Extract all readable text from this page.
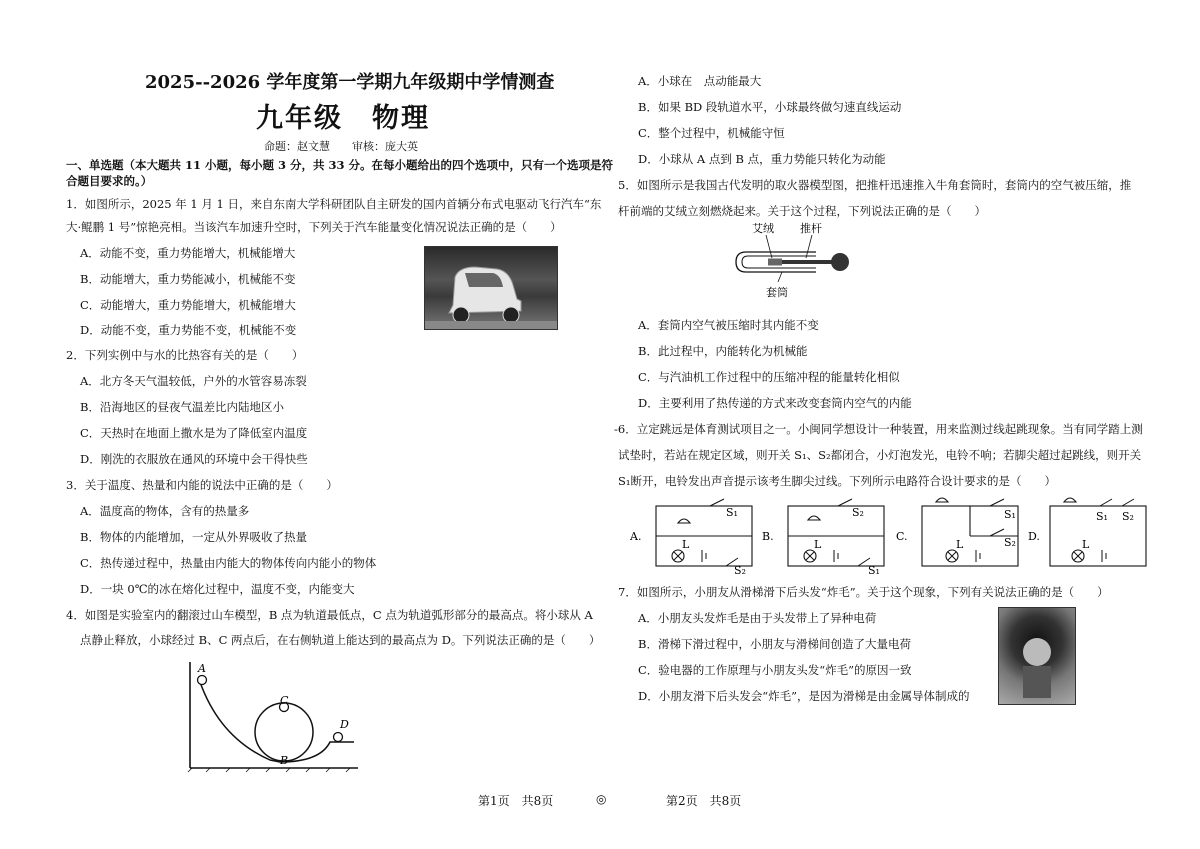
2025--2026 学年度第一学期九年级期中学情测查
九年级　物理
命题：赵文慧　　审核：庞大英
一、单选题（本大题共 11 小题，每小题 3 分，共 33 分。在每小题给出的四个选项中，只有一个选项是符
合题目要求的。）
1．如图所示，2025 年 1 月 1 日，来自东南大学科研团队自主研发的国内首辆分布式电驱动飞行汽车“东
大·鲲鹏 1 号”惊艳亮相。当该汽车加速升空时，下列关于汽车能量变化情况说法正确的是（　　）
A．动能不变，重力势能增大，机械能增大
B．动能增大，重力势能减小，机械能不变
C．动能增大，重力势能增大，机械能增大
D．动能不变，重力势能不变，机械能不变
2．下列实例中与水的比热容有关的是（　　）
A．北方冬天气温较低，户外的水管容易冻裂
B．沿海地区的昼夜气温差比内陆地区小
C．天热时在地面上撒水是为了降低室内温度
D．刚洗的衣服放在通风的环境中会干得快些
3．关于温度、热量和内能的说法中正确的是（　　）
A．温度高的物体，含有的热量多
B．物体的内能增加，一定从外界吸收了热量
C．热传递过程中，热量由内能大的物体传向内能小的物体
D．一块 0℃的冰在熔化过程中，温度不变，内能变大
4．如图是实验室内的翻滚过山车模型，B 点为轨道最低点，C 点为轨道弧形部分的最高点。将小球从 A
点静止释放，小球经过 B、C 两点后，在右侧轨道上能达到的最高点为 D。下列说法正确的是（　　）
A
C
D
B
第1页　共8页	◎
A．小球在　点动能最大
B．如果 BD 段轨道水平，小球最终做匀速直线运动
C．整个过程中，机械能守恒
D．小球从 A 点到 B 点，重力势能只转化为动能
5．如图所示是我国古代发明的取火器模型图，把推杆迅速推入牛角套筒时，套筒内的空气被压缩，推
杆前端的艾绒立刻燃烧起来。关于这个过程，下列说法正确的是（　　）
艾绒 推杆
套筒
A．套筒内空气被压缩时其内能不变
B．此过程中，内能转化为机械能
C．与汽油机工作过程中的压缩冲程的能量转化相似
D．主要利用了热传递的方式来改变套筒内空气的内能
-6．立定跳远是体育测试项目之一。小闽同学想设计一种装置，用来监测过线起跳现象。当有同学踏上测
试垫时，若站在规定区域，则开关 S₁、S₂都闭合，小灯泡发光，电铃不响；若脚尖超过起跳线，则开关
S₁断开，电铃发出声音提示该考生脚尖过线。下列所示电路符合设计要求的是（　　）
A.	B.	C.	D.
L	L	L	L
S₁
S₂
S₂
S₁
S₁
S₂
S₁ S₂
7．如图所示，小朋友从滑梯滑下后头发“炸毛”。关于这个现象，下列有关说法正确的是（　　）
A．小朋友头发炸毛是由于头发带上了异种电荷
B．滑梯下滑过程中，小朋友与滑梯间创造了大量电荷
C．验电器的工作原理与小朋友头发“炸毛”的原因一致
D．小朋友滑下后头发会“炸毛”，是因为滑梯是由金属导体制成的
第2页　共8页
